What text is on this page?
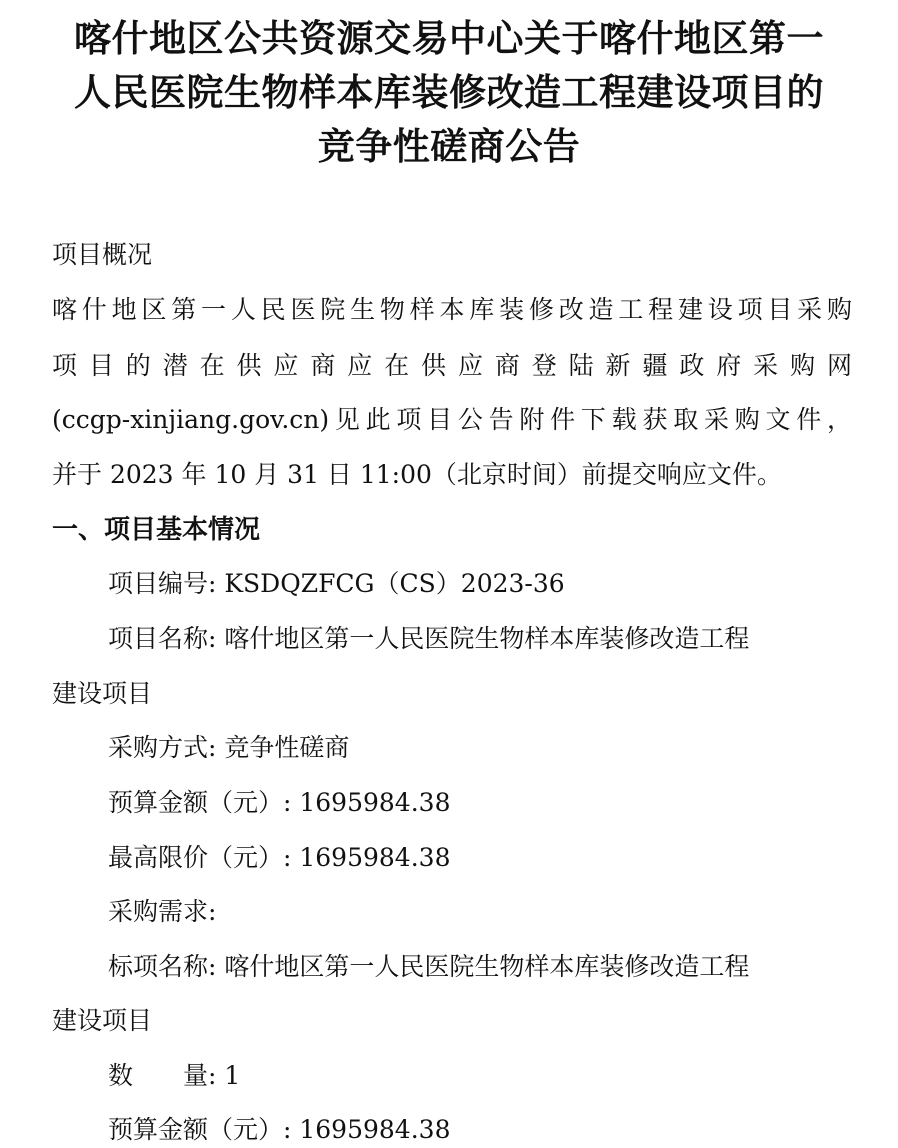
喀什地区公共资源交易中心关于喀什地区第一
人民医院生物样本库装修改造工程建设项目的
竞争性磋商公告
项目概况
喀什地区第一人民医院生物样本库装修改造工程建设项目采购
项目的潜在供应商应在供应商登陆新疆政府采购网
(ccgp-xinjiang.gov.cn)见此项目公告附件下载获取采购文件，
并于 2023 年 10 月 31 日 11:00（北京时间）前提交响应文件。
一、项目基本情况
项目编号: KSDQZFCG（CS）2023-36
项目名称: 喀什地区第一人民医院生物样本库装修改造工程
建设项目
采购方式: 竞争性磋商
预算金额（元）: 1695984.38
最高限价（元）: 1695984.38
采购需求:
标项名称: 喀什地区第一人民医院生物样本库装修改造工程
建设项目
数　　量: 1
预算金额（元）: 1695984.38
